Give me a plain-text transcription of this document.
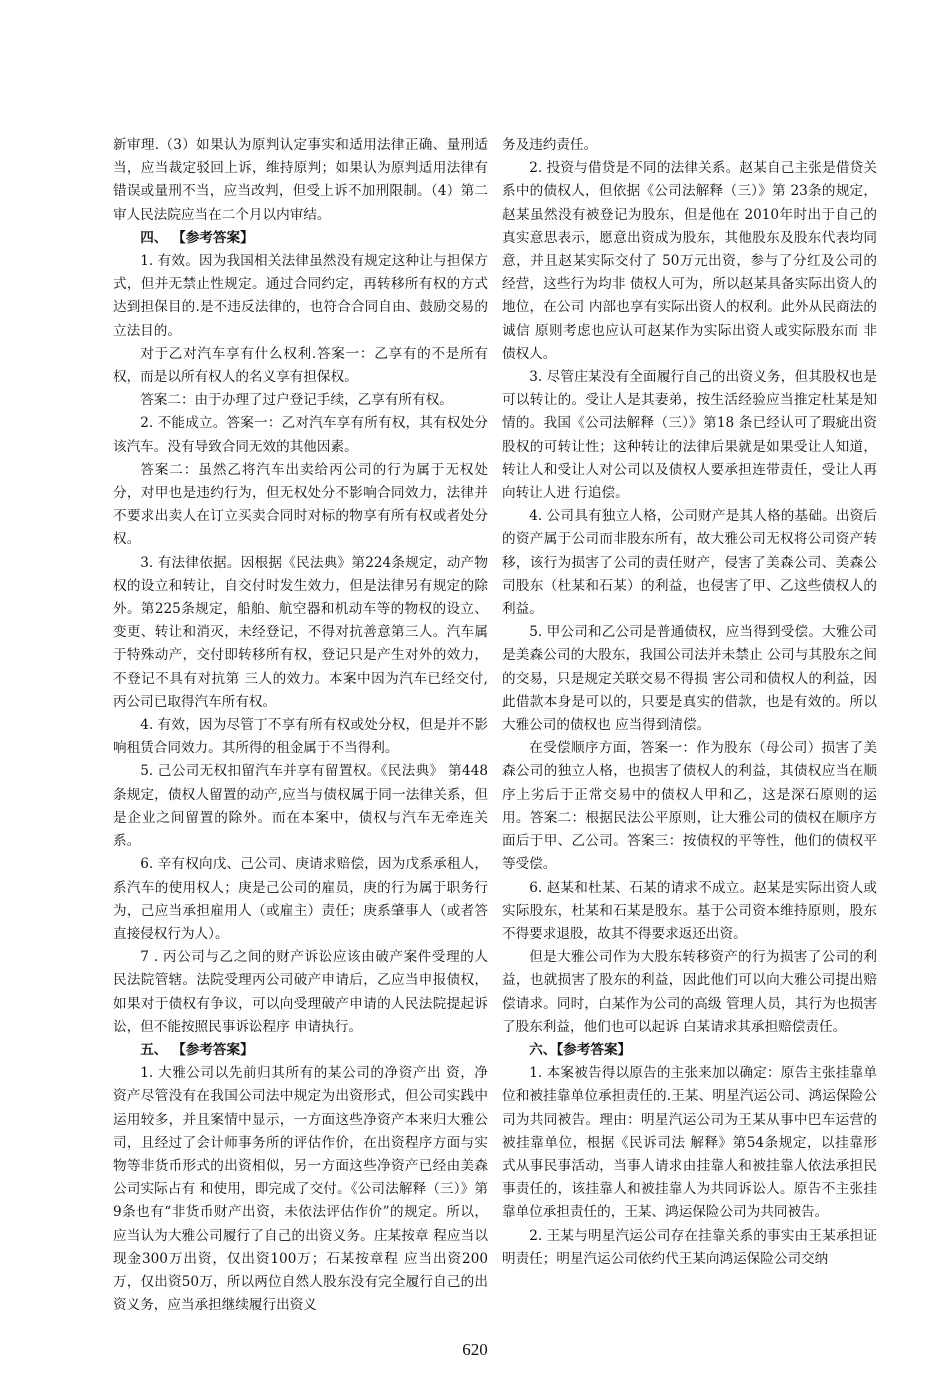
新审理.（3）如果认为原判认定事实和适用法律正确、量刑适当，应当裁定驳回上诉，维持原判；如果认为原判适用法律有错误或量刑不当，应当改判，但受上诉不加刑限制。（4）第二审人民法院应当在二个月以内审结。

四、 【参考答案】

1. 有效。因为我国相关法律虽然没有规定这种让与担保方式，但并无禁止性规定。通过合同约定，再转移所有权的方式达到担保目的.是不违反法律的，也符合合同自由、鼓励交易的立法目的。

对于乙对汽车享有什么权利.答案一：乙享有的不是所有权，而是以所有权人的名义享有担保权。

答案二：由于办理了过户登记手续，乙享有所有权。

2. 不能成立。答案一：乙对汽车享有所有权，其有权处分该汽车。没有导致合同无效的其他因素。

答案二：虽然乙将汽车出卖给丙公司的行为属于无权处分，对甲也是违约行为，但无权处分不影响合同效力，法律并不要求出卖人在订立买卖合同时对标的物享有所有权或者处分权。

3. 有法律依据。因根据《民法典》第224条规定，动产物权的设立和转让，自交付时发生效力，但是法律另有规定的除外。第225条规定，船舶、航空器和机动车等的物权的设立、变更、转让和消灭，未经登记，不得对抗善意第三人。汽车属于特殊动产，交付即转移所有权，登记只是产生对外的效力，不登记不具有对抗第 三人的效力。本案中因为汽车已经交付,丙公司已取得汽车所有权。

4. 有效，因为尽管丁不享有所有权或处分权，但是并不影响租赁合同效力。其所得的租金属于不当得利。

5. 己公司无权扣留汽车并享有留置权。《民法典》 第448条规定，债权人留置的动产,应当与债权属于同一法律关系，但是企业之间留置的除外。而在本案中，债权与汽车无牵连关系。

6. 辛有权向戊、己公司、庚请求赔偿，因为戊系承租人，系汽车的使用权人；庚是己公司的雇员，庚的行为属于职务行为，己应当承担雇用人（或雇主）责任；庚系肇事人（或者答直接侵权行为人）。

7 . 丙公司与乙之间的财产诉讼应该由破产案件受理的人民法院管辖。法院受理丙公司破产申请后，乙应当申报债权，如果对于债权有争议，可以向受理破产申请的人民法院提起诉讼，但不能按照民事诉讼程序 申请执行。

五、 【参考答案】

1. 大雅公司以先前归其所有的某公司的净资产出 资，净资产尽管没有在我国公司法中规定为出资形式，但公司实践中运用较多，并且案情中显示，一方面这些净资产本来归大雅公司，且经过了会计师事务所的评估作价，在出资程序方面与实物等非货币形式的出资相似，另一方面这些净资产已经由美森公司实际占有 和使用，即完成了交付。《公司法解释（三）》第9条也有“非货币财产出资，未依法评估作价”的规定。所以，应当认为大雅公司履行了自己的出资义务。庄某按章 程应当以现金300万出资，仅出资100万；石某按章程 应当出资200万，仅出资50万，所以两位自然人股东没有完全履行自己的出资义务，应当承担继续履行出资义

务及违约责任。

2. 投资与借贷是不同的法律关系。赵某自己主张是借贷关系中的债权人，但依据《公司法解释（三）》第 23条的规定，赵某虽然没有被登记为股东，但是他在 2010年时出于自己的真实意思表示，愿意出资成为股东，其他股东及股东代表均同意，并且赵某实际交付了 50万元出资，参与了分红及公司的经营，这些行为均非 债权人可为，所以赵某具备实际出资人的地位，在公司 内部也享有实际出资人的权利。此外从民商法的诚信 原则考虑也应认可赵某作为实际出资人或实际股东而 非债权人。

3. 尽管庄某没有全面履行自己的出资义务，但其股权也是可以转让的。受让人是其妻弟，按生活经验应当推定杜某是知情的。我国《公司法解释（三）》第18 条已经认可了瑕疵出资股权的可转让性；这种转让的法律后果就是如果受让人知道，转让人和受让人对公司以及债权人要承担连带责任，受让人再向转让人进 行追偿。

4. 公司具有独立人格，公司财产是其人格的基础。出资后的资产属于公司而非股东所有，故大雅公司无权将公司资产转移，该行为损害了公司的责任财产，侵害了美森公司、美森公司股东（杜某和石某）的利益，也侵害了甲、乙这些债权人的利益。

5. 甲公司和乙公司是普通债权，应当得到受偿。大雅公司是美森公司的大股东，我国公司法并未禁止 公司与其股东之间的交易，只是规定关联交易不得损 害公司和债权人的利益，因此借款本身是可以的，只要是真实的借款，也是有效的。所以大雅公司的债权也 应当得到清偿。

在受偿顺序方面，答案一：作为股东（母公司）损害了美森公司的独立人格，也损害了债权人的利益，其债权应当在顺序上劣后于正常交易中的债权人甲和乙，这是深石原则的运用。答案二：根据民法公平原则，让大雅公司的债权在顺序方面后于甲、乙公司。答案三：按债权的平等性，他们的债权平等受偿。

6. 赵某和杜某、石某的请求不成立。赵某是实际出资人或实际股东，杜某和石某是股东。基于公司资本维持原则，股东不得要求退股，故其不得要求返还出资。

但是大雅公司作为大股东转移资产的行为损害了公司的利益，也就损害了股东的利益，因此他们可以向大雅公司提出赔偿请求。同时，白某作为公司的高级 管理人员，其行为也损害了股东利益，他们也可以起诉 白某请求其承担赔偿责任。

六、【参考答案】

1. 本案被告得以原告的主张来加以确定：原告主张挂靠单位和被挂靠单位承担责任的.王某、明星汽运公司、鸿运保险公司为共同被告。理由：明星汽运公司为王某从事中巴车运营的被挂靠单位，根据《民诉司法 解释》第54条规定，以挂靠形式从事民事活动，当事人请求由挂靠人和被挂靠人依法承担民事责任的，该挂靠人和被挂靠人为共同诉讼人。原告不主张挂靠单位承担责任的，王某、鸿运保险公司为共同被告。

2. 王某与明星汽运公司存在挂靠关系的事实由王某承担证明责任；明星汽运公司依约代王某向鸿运保险公司交纳

620
